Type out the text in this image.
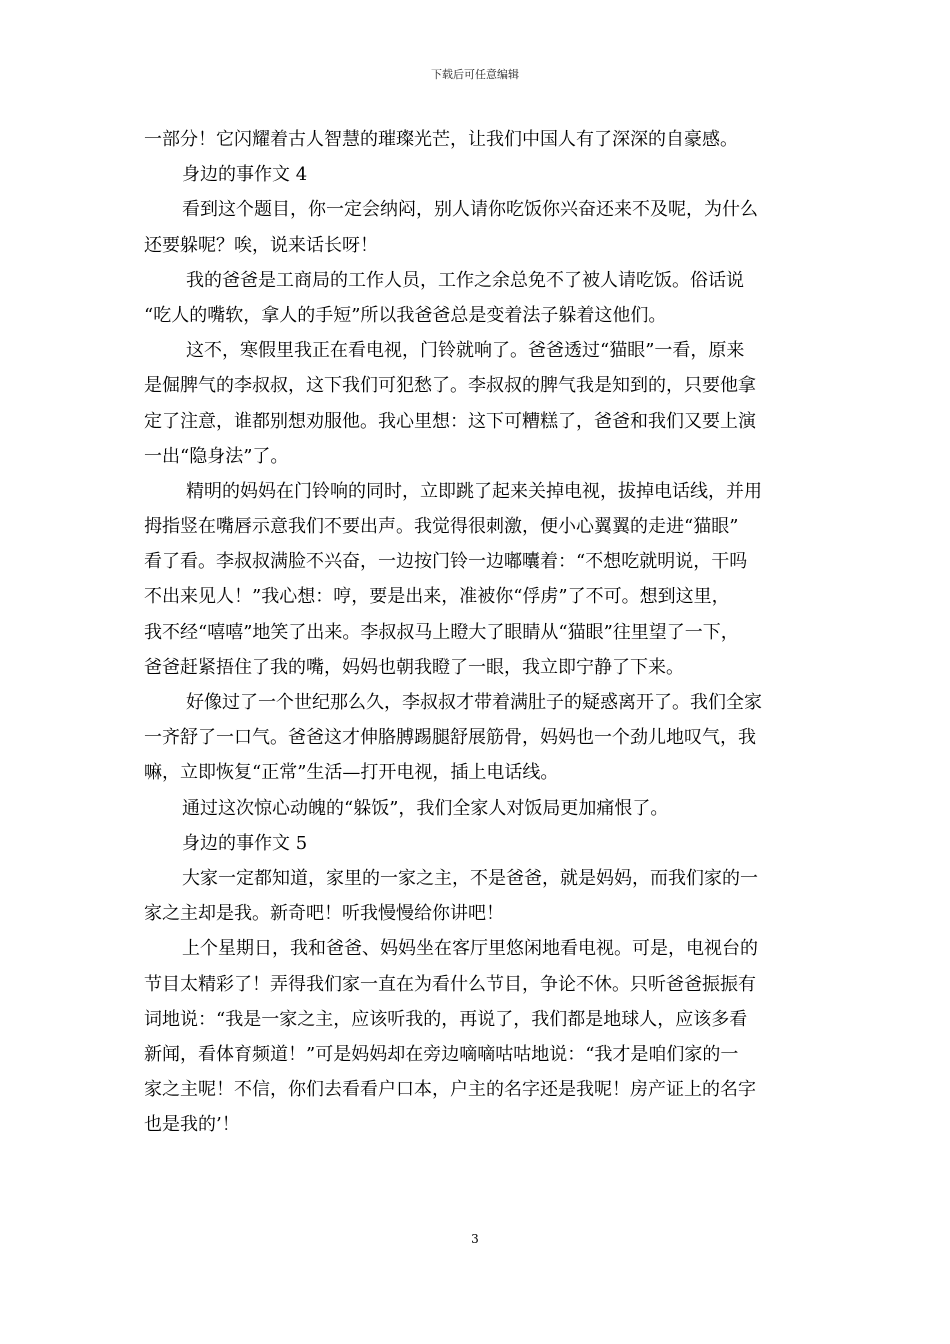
下载后可任意编辑
一部分！它闪耀着古人智慧的璀璨光芒，让我们中国人有了深深的自豪感。
身边的事作文 4
看到这个题目，你一定会纳闷，别人请你吃饭你兴奋还来不及呢，为什么
还要躲呢？唉，说来话长呀！
我的爸爸是工商局的工作人员，工作之余总免不了被人请吃饭。俗话说
“吃人的嘴软，拿人的手短”所以我爸爸总是变着法子躲着这他们。
这不，寒假里我正在看电视，门铃就响了。爸爸透过“猫眼”一看，原来
是倔脾气的李叔叔，这下我们可犯愁了。李叔叔的脾气我是知到的，只要他拿
定了注意，谁都别想劝服他。我心里想：这下可糟糕了，爸爸和我们又要上演
一出“隐身法”了。
精明的妈妈在门铃响的同时，立即跳了起来关掉电视，拔掉电话线，并用
拇指竖在嘴唇示意我们不要出声。我觉得很刺激，便小心翼翼的走进“猫眼”
看了看。李叔叔满脸不兴奋，一边按门铃一边嘟囔着：“不想吃就明说，干吗
不出来见人！”我心想：哼，要是出来，准被你“俘虏”了不可。想到这里，
我不经“嘻嘻”地笑了出来。李叔叔马上瞪大了眼睛从“猫眼”往里望了一下，
爸爸赶紧捂住了我的嘴，妈妈也朝我瞪了一眼，我立即宁静了下来。
好像过了一个世纪那么久，李叔叔才带着满肚子的疑惑离开了。我们全家
一齐舒了一口气。爸爸这才伸胳膊踢腿舒展筋骨，妈妈也一个劲儿地叹气，我
嘛，立即恢复“正常”生活—打开电视，插上电话线。
通过这次惊心动魄的“躲饭”，我们全家人对饭局更加痛恨了。
身边的事作文 5
大家一定都知道，家里的一家之主，不是爸爸，就是妈妈，而我们家的一
家之主却是我。新奇吧！听我慢慢给你讲吧！
上个星期日，我和爸爸、妈妈坐在客厅里悠闲地看电视。可是，电视台的
节目太精彩了！弄得我们家一直在为看什么节目，争论不休。只听爸爸振振有
词地说：“我是一家之主，应该听我的，再说了，我们都是地球人，应该多看
新闻，看体育频道！”可是妈妈却在旁边嘀嘀咕咕地说：“我才是咱们家的一
家之主呢！不信，你们去看看户口本，户主的名字还是我呢！房产证上的名字
也是我的’！
3
